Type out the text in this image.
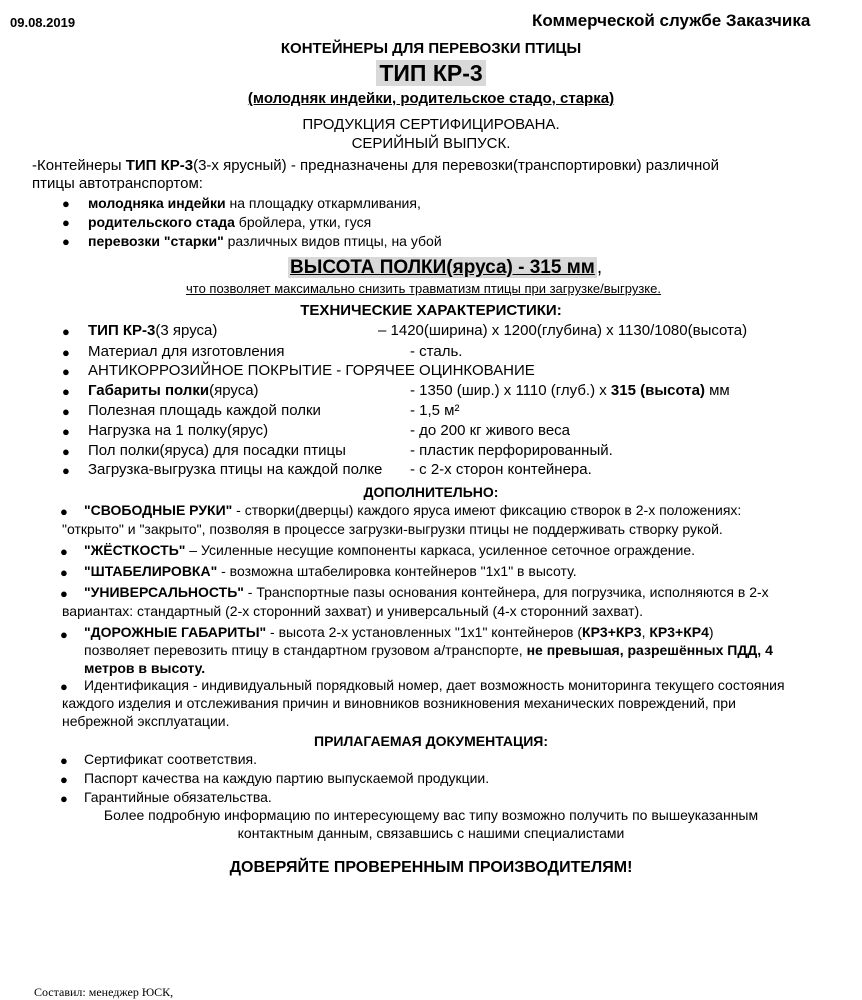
09.08.2019	Коммерческой службе Заказчика
КОНТЕЙНЕРЫ ДЛЯ ПЕРЕВОЗКИ ПТИЦЫ
ТИП КР-3
(молодняк индейки, родительское стадо, старка)
ПРОДУКЦИЯ СЕРТИФИЦИРОВАНА.
СЕРИЙНЫЙ ВЫПУСК.
-Контейнеры ТИП КР-3(3-х ярусный) - предназначены для перевозки(транспортировки) различной
птицы автотранспортом:
● молодняка индейки на площадку откармливания,
● родительского стада бройлера, утки, гуся
● перевозки "старки" различных видов птицы, на убой
ВЫСОТА ПОЛКИ(яруса) - 315 мм ,
что позволяет максимально снизить травматизм птицы при загрузке/выгрузке.
ТЕХНИЧЕСКИЕ ХАРАКТЕРИСТИКИ:
● ТИП КР-3(3 яруса)	– 1420(ширина) х 1200(глубина) х 1130/1080(высота)
● Материал для изготовления	- сталь.
● АНТИКОРРОЗИЙНОЕ ПОКРЫТИЕ - ГОРЯЧЕЕ ОЦИНКОВАНИЕ
● Габариты полки(яруса)	- 1350 (шир.) х 1110 (глуб.) х 315 (высота) мм
● Полезная площадь каждой полки	- 1,5 м²
● Нагрузка на 1 полку(ярус)	- до 200 кг живого веса
● Пол полки(яруса) для посадки птицы	- пластик перфорированный.
● Загрузка-выгрузка птицы на каждой полке - с 2-х сторон контейнера.
ДОПОЛНИТЕЛЬНО:
● "СВОБОДНЫЕ РУКИ" - створки(дверцы) каждого яруса имеют фиксацию створок в 2-х положениях:
"открыто" и "закрыто", позволяя в процессе загрузки-выгрузки птицы не поддерживать створку рукой.
● "ЖЁСТКОСТЬ" – Усиленные несущие компоненты каркаса, усиленное сеточное ограждение.
● "ШТАБЕЛИРОВКА" - возможна штабелировка контейнеров "1х1" в высоту.
● "УНИВЕРСАЛЬНОСТЬ" - Транспортные пазы основания контейнера, для погрузчика, исполняются в 2-х
вариантах: стандартный (2-х сторонний захват) и универсальный (4-х сторонний захват).
● "ДОРОЖНЫЕ ГАБАРИТЫ" - высота 2-х установленных "1х1" контейнеров (КР3+КР3, КР3+КР4)
позволяет перевозить птицу в стандартном грузовом а/транспорте, не превышая, разрешённых ПДД, 4
метров в высоту.
● Идентификация - индивидуальный порядковый номер, дает возможность мониторинга текущего состояния
каждого изделия и отслеживания причин и виновников возникновения механических повреждений, при
небрежной эксплуатации.
ПРИЛАГАЕМАЯ ДОКУМЕНТАЦИЯ:
● Сертификат соответствия.
● Паспорт качества на каждую партию выпускаемой продукции.
● Гарантийные обязательства.
Более подробную информацию по интересующему вас типу возможно получить по вышеуказанным
контактным данным, связавшись с нашими специалистами
ДОВЕРЯЙТЕ ПРОВЕРЕННЫМ ПРОИЗВОДИТЕЛЯМ!
Составил: менеджер ЮСК,
